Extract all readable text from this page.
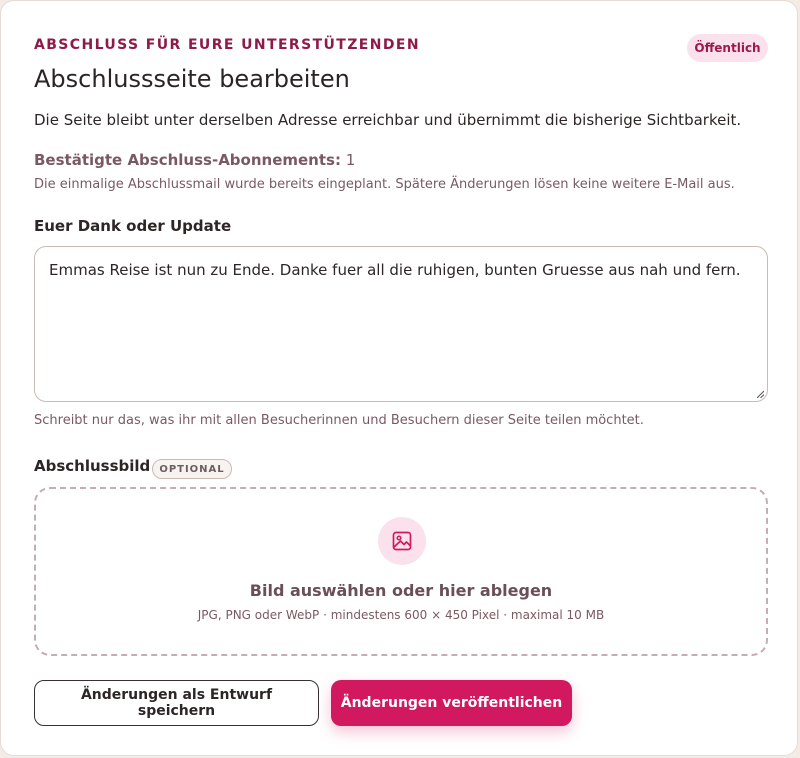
ABSCHLUSS FÜR EURE UNTERSTÜTZENDEN	Öffentlich
Abschlussseite bearbeiten
Die Seite bleibt unter derselben Adresse erreichbar und übernimmt die bisherige Sichtbarkeit.
Bestätigte Abschluss-Abonnements: 1
Die einmalige Abschlussmail wurde bereits eingeplant. Spätere Änderungen lösen keine weitere E-Mail aus.
Euer Dank oder Update
Emmas Reise ist nun zu Ende. Danke fuer all die ruhigen, bunten Gruesse aus nah und fern.
Schreibt nur das, was ihr mit allen Besucherinnen und Besuchern dieser Seite teilen möchtet.
Abschlussbild OPTIONAL
Bild auswählen oder hier ablegen
JPG, PNG oder WebP · mindestens 600 × 450 Pixel · maximal 10 MB
Änderungen als Entwurf speichern	Änderungen veröffentlichen
